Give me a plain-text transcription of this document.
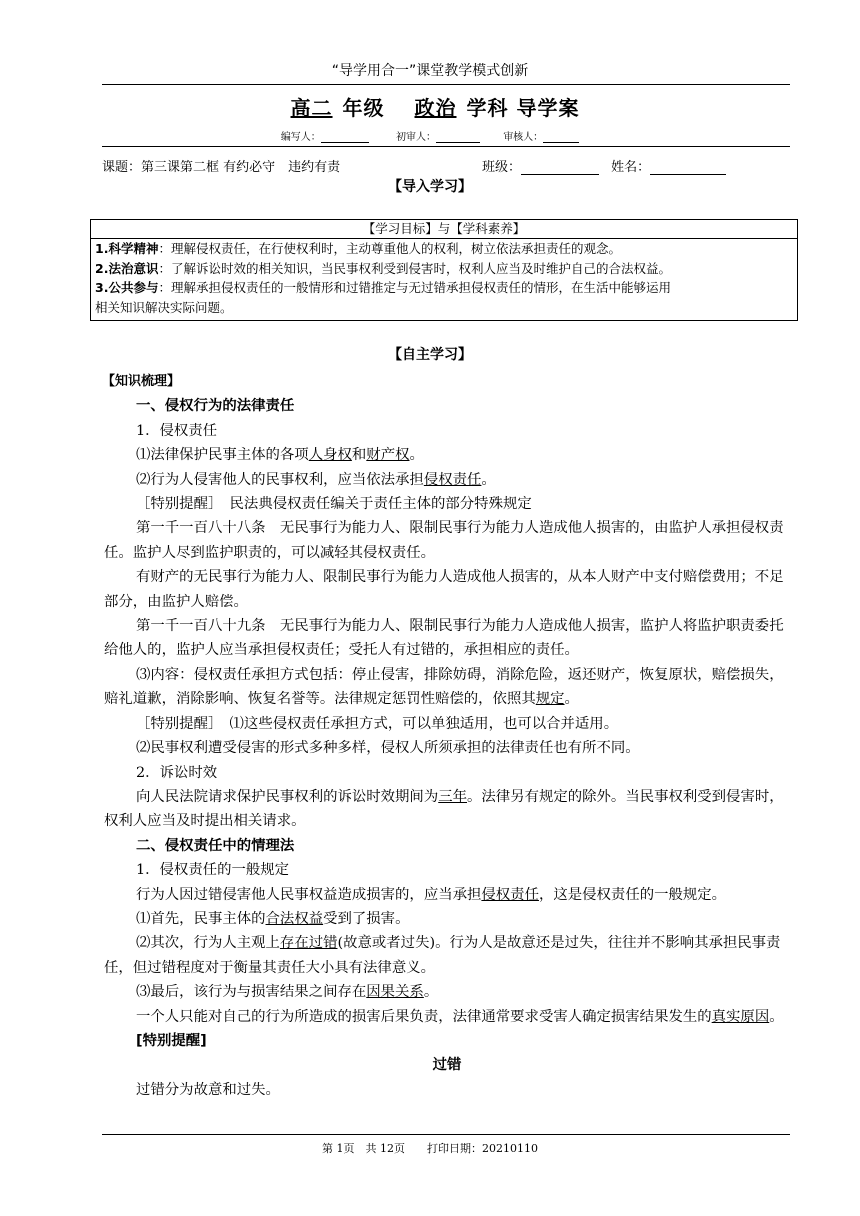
“导学用合一”课堂教学模式创新
高二 年级 政治 学科 导学案
编写人：	初审人：	审核人：
课题：第三课第二框 有约必守　违约有责	班级：	姓名：
【导入学习】
【学习目标】与【学科素养】
1.科学精神：理解侵权责任，在行使权利时，主动尊重他人的权利，树立依法承担责任的观念。
2.法治意识：了解诉讼时效的相关知识，当民事权利受到侵害时，权利人应当及时维护自己的合法权益。
3.公共参与：理解承担侵权责任的一般情形和过错推定与无过错承担侵权责任的情形，在生活中能够运用
相关知识解决实际问题。
【自主学习】

【知识梳理】

一、侵权行为的法律责任

1．侵权责任

⑴法律保护民事主体的各项人身权和财产权。

⑵行为人侵害他人的民事权利，应当依法承担侵权责任。

［特别提醒］　民法典侵权责任编关于责任主体的部分特殊规定

第一千一百八十八条　无民事行为能力人、限制民事行为能力人造成他人损害的，由监护人承担侵权责任。监护人尽到监护职责的，可以减轻其侵权责任。

有财产的无民事行为能力人、限制民事行为能力人造成他人损害的，从本人财产中支付赔偿费用；不足部分，由监护人赔偿。

第一千一百八十九条　无民事行为能力人、限制民事行为能力人造成他人损害，监护人将监护职责委托给他人的，监护人应当承担侵权责任；受托人有过错的，承担相应的责任。

⑶内容：侵权责任承担方式包括：停止侵害，排除妨碍，消除危险，返还财产，恢复原状，赔偿损失，赔礼道歉，消除影响、恢复名誉等。法律规定惩罚性赔偿的，依照其规定。

［特别提醒］　⑴这些侵权责任承担方式，可以单独适用，也可以合并适用。

⑵民事权利遭受侵害的形式多种多样，侵权人所须承担的法律责任也有所不同。

2．诉讼时效

向人民法院请求保护民事权利的诉讼时效期间为三年。法律另有规定的除外。当民事权利受到侵害时，权利人应当及时提出相关请求。

二、侵权责任中的情理法

1．侵权责任的一般规定

行为人因过错侵害他人民事权益造成损害的，应当承担侵权责任，这是侵权责任的一般规定。

⑴首先，民事主体的合法权益受到了损害。

⑵其次，行为人主观上存在过错(故意或者过失)。行为人是故意还是过失，往往并不影响其承担民事责任，但过错程度对于衡量其责任大小具有法律意义。

⑶最后，该行为与损害结果之间存在因果关系。

一个人只能对自己的行为所造成的损害后果负责，法律通常要求受害人确定损害结果发生的真实原因。

[特别提醒]

过错

过错分为故意和过失。

第 1页　共 12页　　打印日期：20210110
